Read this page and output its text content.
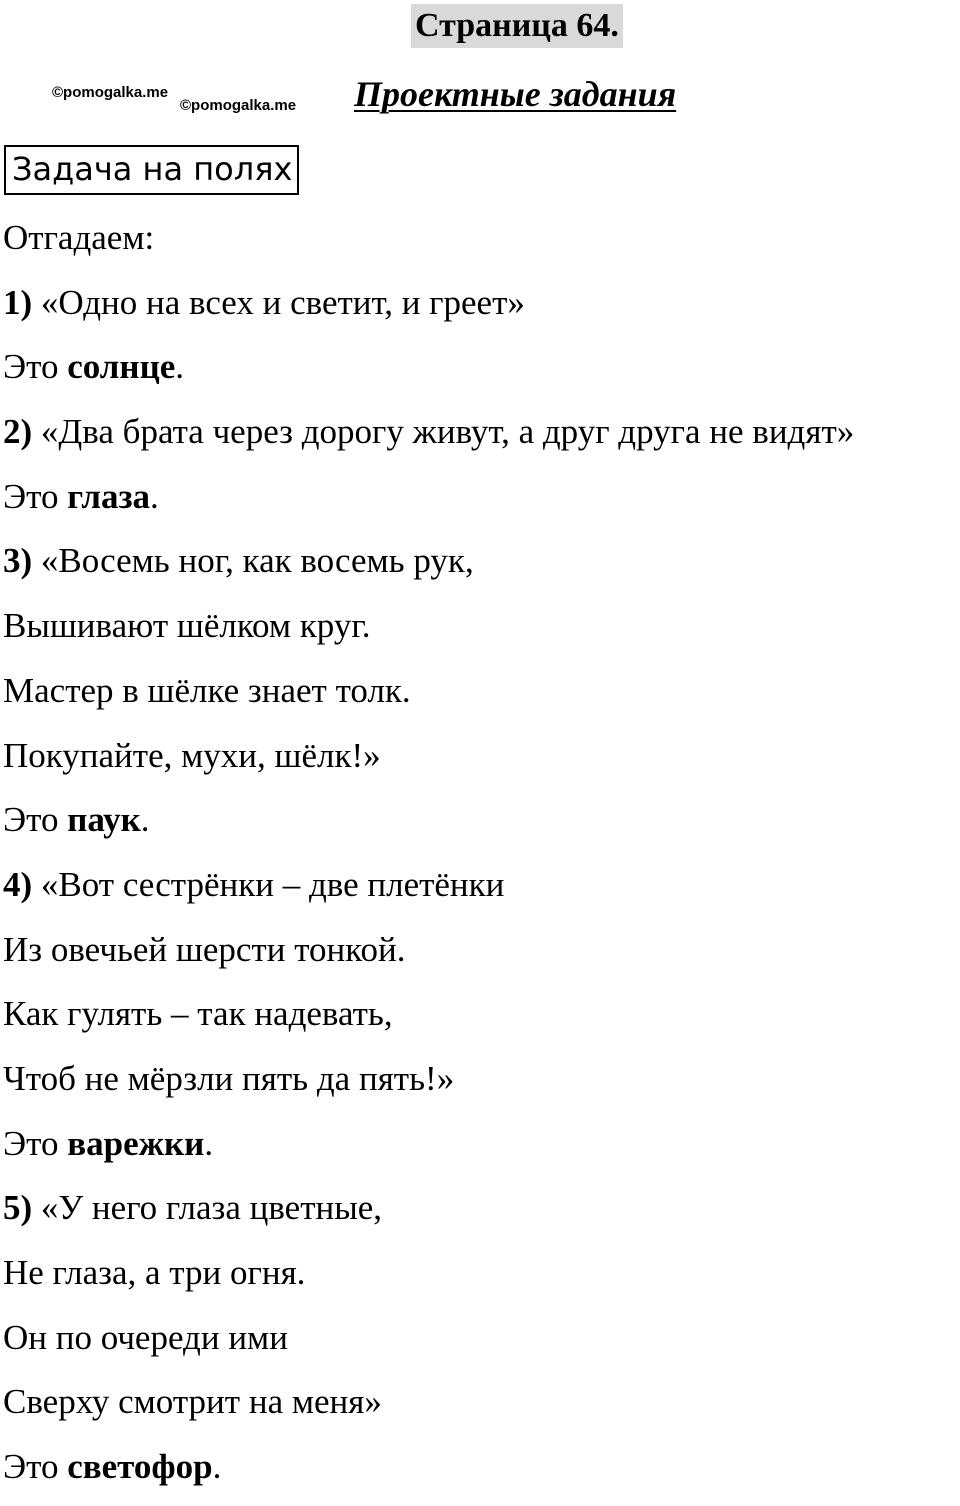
Страница 64.
©pomogalka.me
©pomogalka.me Проектные задания
Задача на полях
Отгадаем:
1) «Одно на всех и светит, и греет»
Это солнце.
2) «Два брата через дорогу живут, а друг друга не видят»
Это глаза.
3) «Восемь ног, как восемь рук,
Вышивают шёлком круг.
Мастер в шёлке знает толк.
Покупайте, мухи, шёлк!»
Это паук.
4) «Вот сестрёнки – две плетёнки
Из овечьей шерсти тонкой.
Как гулять – так надевать,
Чтоб не мёрзли пять да пять!»
Это варежки.
5) «У него глаза цветные,
Не глаза, а три огня.
Он по очереди ими
Сверху смотрит на меня»
Это светофор.
